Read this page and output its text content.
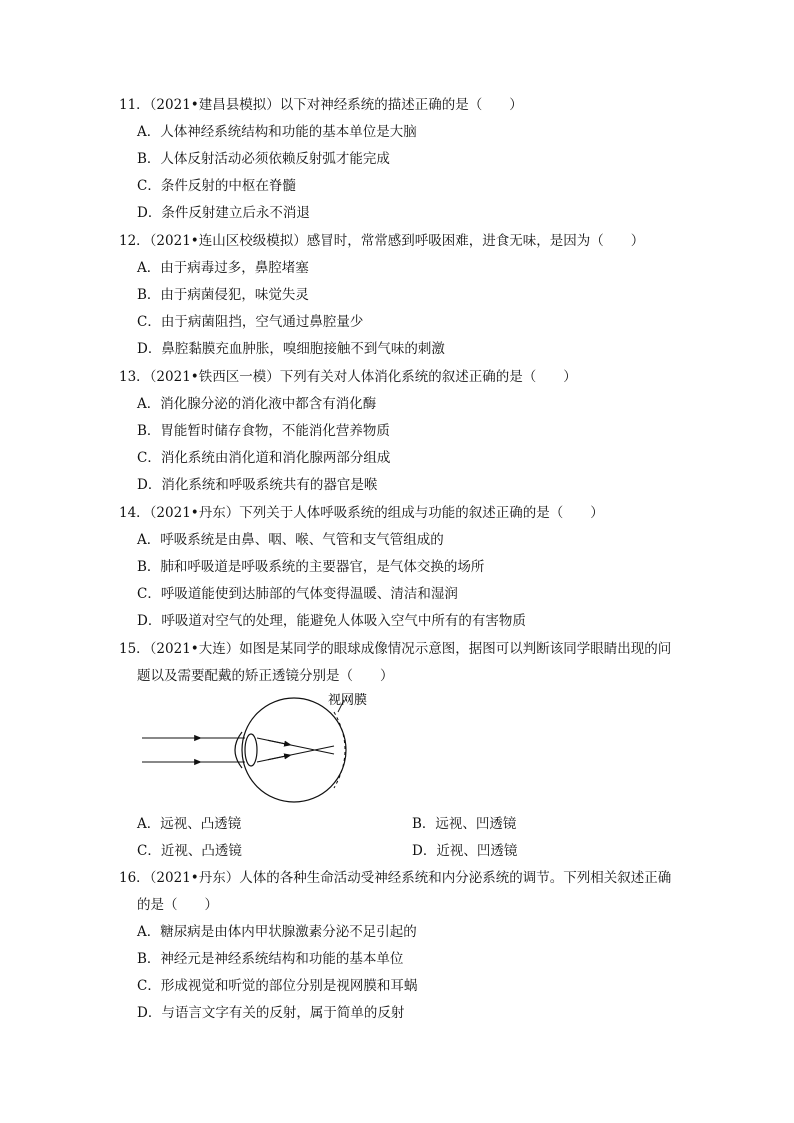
11．（2021•建昌县模拟）以下对神经系统的描述正确的是（　　）
A．人体神经系统结构和功能的基本单位是大脑
B．人体反射活动必须依赖反射弧才能完成
C．条件反射的中枢在脊髓
D．条件反射建立后永不消退
12．（2021•连山区校级模拟）感冒时，常常感到呼吸困难，进食无味，是因为（　　）
A．由于病毒过多，鼻腔堵塞
B．由于病菌侵犯，味觉失灵
C．由于病菌阻挡，空气通过鼻腔量少
D．鼻腔黏膜充血肿胀，嗅细胞接触不到气味的刺激
13．（2021•铁西区一模）下列有关对人体消化系统的叙述正确的是（　　）
A．消化腺分泌的消化液中都含有消化酶
B．胃能暂时储存食物，不能消化营养物质
C．消化系统由消化道和消化腺两部分组成
D．消化系统和呼吸系统共有的器官是喉
14．（2021•丹东）下列关于人体呼吸系统的组成与功能的叙述正确的是（　　）
A．呼吸系统是由鼻、咽、喉、气管和支气管组成的
B．肺和呼吸道是呼吸系统的主要器官，是气体交换的场所
C．呼吸道能使到达肺部的气体变得温暖、清洁和湿润
D．呼吸道对空气的处理，能避免人体吸入空气中所有的有害物质
15．（2021•大连）如图是某同学的眼球成像情况示意图，据图可以判断该同学眼睛出现的问
题以及需要配戴的矫正透镜分别是（　　）
视网膜
A．远视、凸透镜	B．远视、凹透镜
C．近视、凸透镜	D．近视、凹透镜
16．（2021•丹东）人体的各种生命活动受神经系统和内分泌系统的调节。下列相关叙述正确
的是（　　）
A．糖尿病是由体内甲状腺激素分泌不足引起的
B．神经元是神经系统结构和功能的基本单位
C．形成视觉和听觉的部位分别是视网膜和耳蜗
D．与语言文字有关的反射，属于简单的反射
